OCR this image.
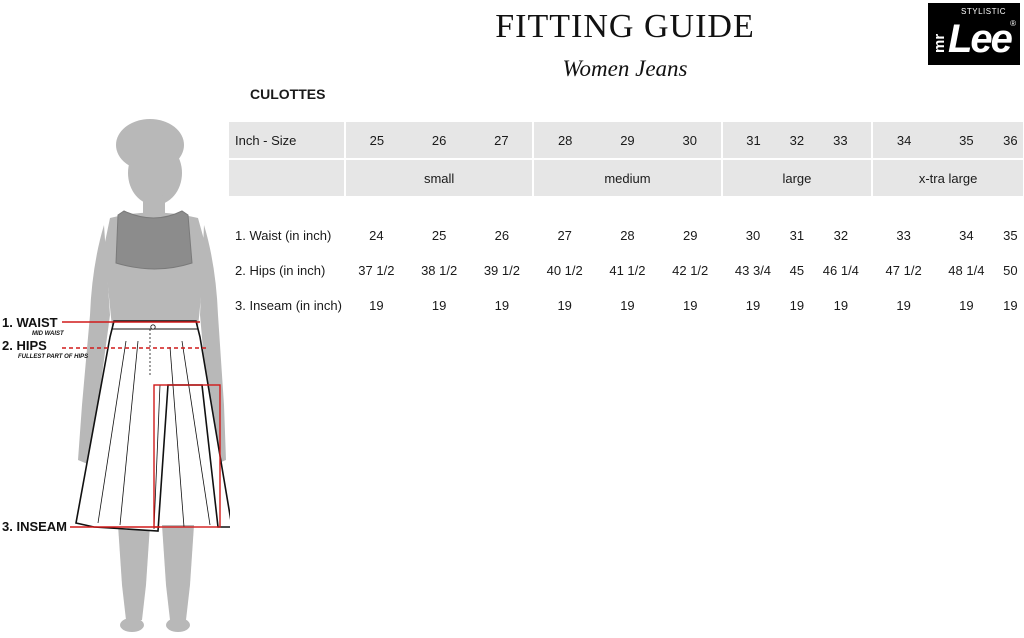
FITTING GUIDE
Women Jeans
CULOTTES
STYLISTIC
mr Lee ®
Inch - Size	25	26	27	28	29	30	31	32	33	34	35	36
	small			medium			large			x-tra large		

1. Waist (in inch)	24	25	26	27	28	29	30	31	32	33	34	35
2. Hips (in inch)	37 1/2	38 1/2	39 1/2	40 1/2	41 1/2	42 1/2	43 3/4	45	46 1/4	47 1/2	48 1/4	50
3. Inseam (in inch)	19	19	19	19	19	19	19	19	19	19	19	19
1. WAIST
MID WAIST
2. HIPS
FULLEST PART OF HIPS
3. INSEAM
